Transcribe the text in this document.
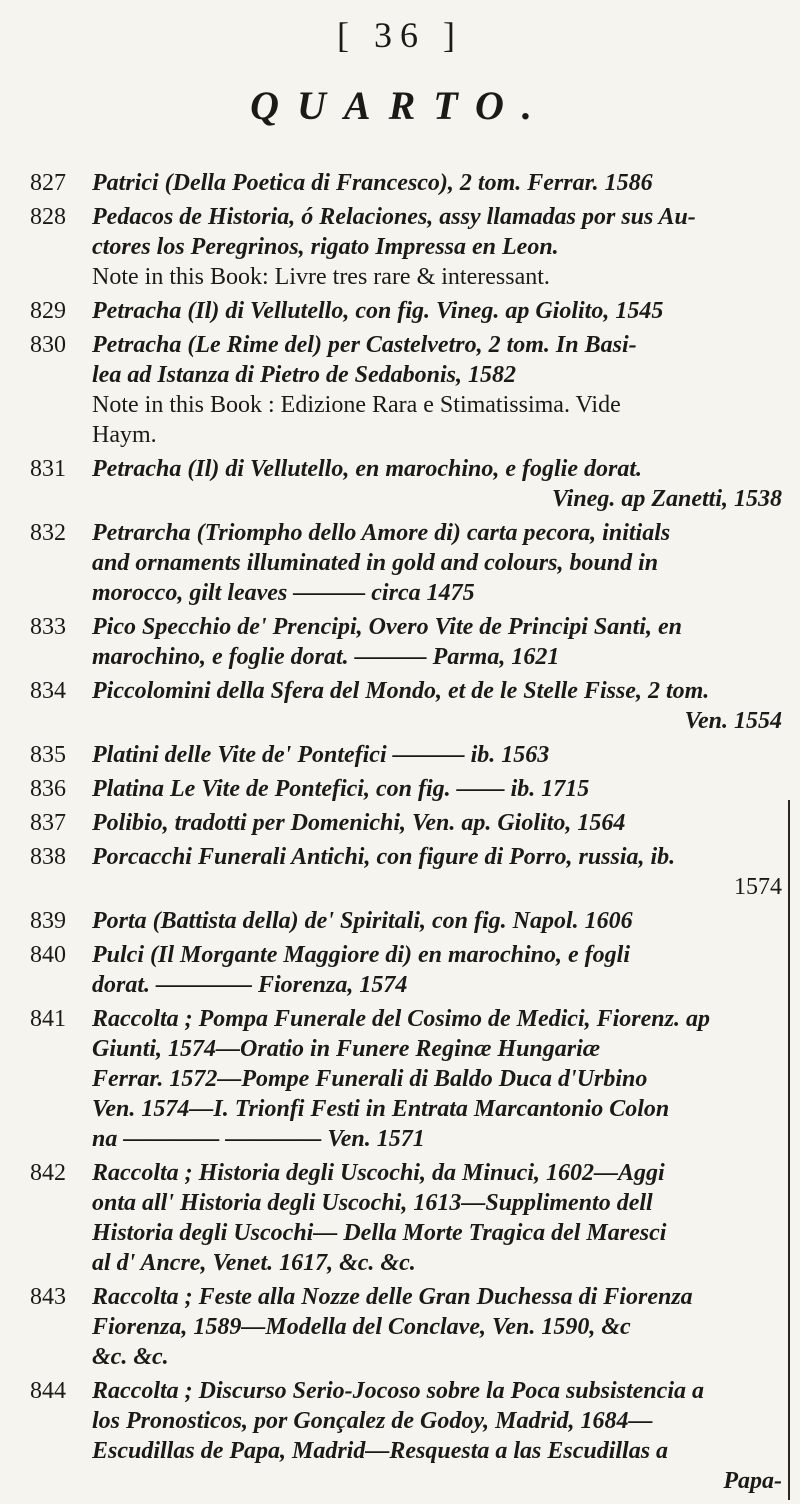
[ 36 ]
QUARTO.
827	Patrici (Della Poetica di Francesco), 2 tom. Ferrar. 1586
828	Pedacos de Historia, ó Relaciones, assy llamadas por sus Au-
ctores los Peregrinos, rigato Impressa en Leon.
Note in this Book: Livre tres rare & interessant.
829	Petracha (Il) di Vellutello, con fig. Vineg. ap Giolito, 1545
830	Petracha (Le Rime del) per Castelvetro, 2 tom. In Basi-
lea ad Istanza di Pietro de Sedabonis, 1582
Note in this Book : Edizione Rara e Stimatissima. Vide
Haym.
831	Petracha (Il) di Vellutello, en marochino, e foglie dorat.
Vineg. ap Zanetti, 1538
832	Petrarcha (Triompho dello Amore di) carta pecora, initials
and ornaments illuminated in gold and colours, bound in
morocco, gilt leaves ——— circa 1475
833	Pico Specchio de' Prencipi, Overo Vite de Principi Santi, en
marochino, e foglie dorat. ——— Parma, 1621
834	Piccolomini della Sfera del Mondo, et de le Stelle Fisse, 2 tom.
Ven. 1554
835	Platini delle Vite de' Pontefici ——— ib. 1563
836	Platina Le Vite de Pontefici, con fig. —— ib. 1715
837	Polibio, tradotti per Domenichi, Ven. ap. Giolito, 1564
838	Porcacchi Funerali Antichi, con figure di Porro, russia, ib.
1574
839	Porta (Battista della) de' Spiritali, con fig. Napol. 1606
840	Pulci (Il Morgante Maggiore di) en marochino, e fogli
dorat. ———— Fiorenza, 1574
841	Raccolta ; Pompa Funerale del Cosimo de Medici, Fiorenz. ap
Giunti, 1574—Oratio in Funere Reginæ Hungariæ
Ferrar. 1572—Pompe Funerali di Baldo Duca d'Urbino
Ven. 1574—I. Trionfi Festi in Entrata Marcantonio Colon
na ———— ———— Ven. 1571
842	Raccolta ; Historia degli Uscochi, da Minuci, 1602—Aggi
onta all' Historia degli Uscochi, 1613—Supplimento dell
Historia degli Uscochi— Della Morte Tragica del Maresci
al d' Ancre, Venet. 1617, &c. &c.
843	Raccolta ; Feste alla Nozze delle Gran Duchessa di Fiorenza
Fiorenza, 1589—Modella del Conclave, Ven. 1590, &c
&c. &c.
844	Raccolta ; Discurso Serio-Jocoso sobre la Poca subsistencia a
los Pronosticos, por Gonçalez de Godoy, Madrid, 1684—
Escudillas de Papa, Madrid—Resquesta a las Escudillas a
Papa-
